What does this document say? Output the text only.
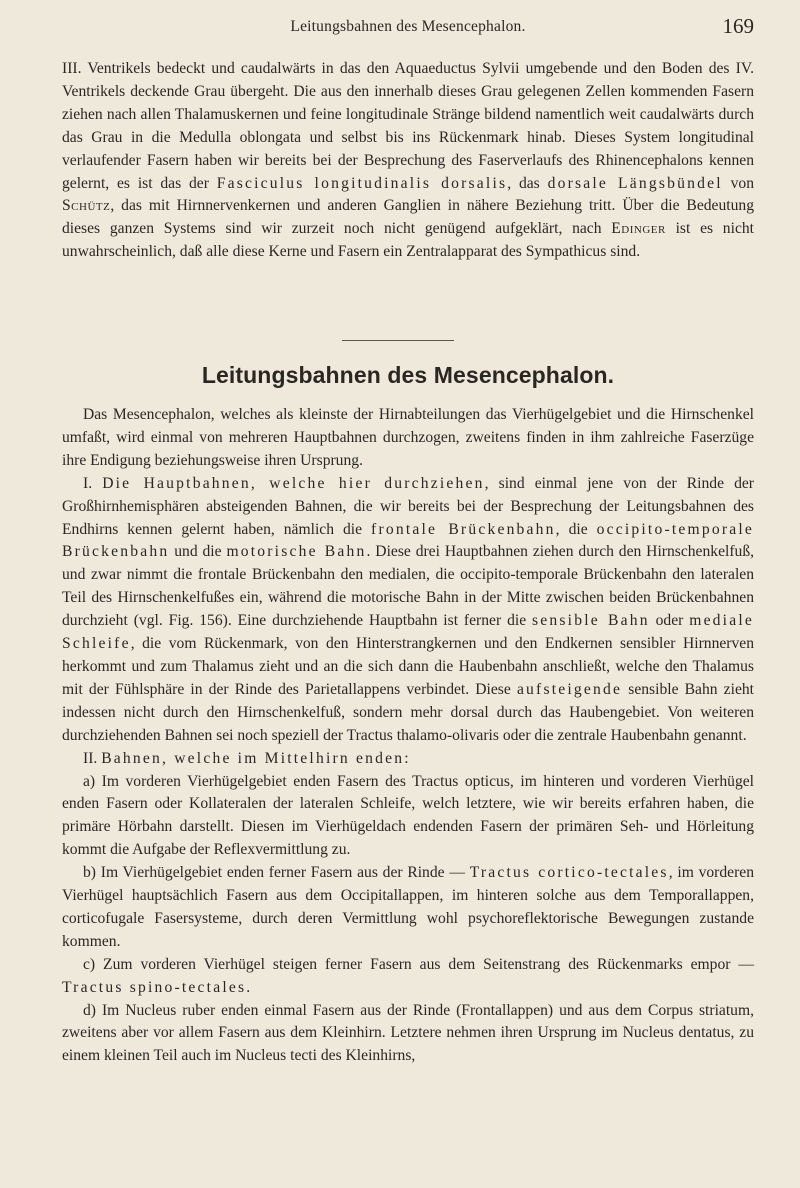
Leitungsbahnen des Mesencephalon.	169

III. Ventrikels bedeckt und caudalwärts in das den Aquaeductus Sylvii umgebende und den Boden des IV. Ventrikels deckende Grau übergeht. Die aus den innerhalb dieses Grau gelegenen Zellen kommenden Fasern ziehen nach allen Thalamuskernen und feine longitudinale Stränge bildend namentlich weit caudalwärts durch das Grau in die Medulla oblongata und selbst bis ins Rückenmark hinab. Dieses System longitudinal verlaufender Fasern haben wir bereits bei der Besprechung des Faserverlaufs des Rhinencephalons kennen gelernt, es ist das der Fasciculus longitudinalis dorsalis, das dorsale Längsbündel von Schütz, das mit Hirnnervenkernen und anderen Ganglien in nähere Beziehung tritt. Über die Bedeutung dieses ganzen Systems sind wir zurzeit noch nicht genügend aufgeklärt, nach Edinger ist es nicht unwahrscheinlich, daß alle diese Kerne und Fasern ein Zentralapparat des Sympathicus sind.

Leitungsbahnen des Mesencephalon.

Das Mesencephalon, welches als kleinste der Hirnabteilungen das Vierhügelgebiet und die Hirnschenkel umfaßt, wird einmal von mehreren Hauptbahnen durchzogen, zweitens finden in ihm zahlreiche Faserzüge ihre Endigung beziehungsweise ihren Ursprung.

I. Die Hauptbahnen, welche hier durchziehen, sind einmal jene von der Rinde der Großhirnhemisphären absteigenden Bahnen, die wir bereits bei der Besprechung der Leitungsbahnen des Endhirns kennen gelernt haben, nämlich die frontale Brückenbahn, die occipito-temporale Brückenbahn und die motorische Bahn. Diese drei Hauptbahnen ziehen durch den Hirnschenkelfuß, und zwar nimmt die frontale Brückenbahn den medialen, die occipito-temporale Brückenbahn den lateralen Teil des Hirnschenkelfußes ein, während die motorische Bahn in der Mitte zwischen beiden Brückenbahnen durchzieht (vgl. Fig. 156). Eine durchziehende Hauptbahn ist ferner die sensible Bahn oder mediale Schleife, die vom Rückenmark, von den Hinterstrangkernen und den Endkernen sensibler Hirnnerven herkommt und zum Thalamus zieht und an die sich dann die Haubenbahn anschließt, welche den Thalamus mit der Fühlsphäre in der Rinde des Parietallappens verbindet. Diese aufsteigende sensible Bahn zieht indessen nicht durch den Hirnschenkelfuß, sondern mehr dorsal durch das Haubengebiet. Von weiteren durchziehenden Bahnen sei noch speziell der Tractus thalamo-olivaris oder die zentrale Haubenbahn genannt.

II. Bahnen, welche im Mittelhirn enden:

a) Im vorderen Vierhügelgebiet enden Fasern des Tractus opticus, im hinteren und vorderen Vierhügel enden Fasern oder Kollateralen der lateralen Schleife, welch letztere, wie wir bereits erfahren haben, die primäre Hörbahn darstellt. Diesen im Vierhügeldach endenden Fasern der primären Seh- und Hörleitung kommt die Aufgabe der Reflexvermittlung zu.

b) Im Vierhügelgebiet enden ferner Fasern aus der Rinde — Tractus cortico-tectales, im vorderen Vierhügel hauptsächlich Fasern aus dem Occipitallappen, im hinteren solche aus dem Temporallappen, corticofugale Fasersysteme, durch deren Vermittlung wohl psychoreflektorische Bewegungen zustande kommen.

c) Zum vorderen Vierhügel steigen ferner Fasern aus dem Seitenstrang des Rückenmarks empor — Tractus spino-tectales.

d) Im Nucleus ruber enden einmal Fasern aus der Rinde (Frontallappen) und aus dem Corpus striatum, zweitens aber vor allem Fasern aus dem Kleinhirn. Letztere nehmen ihren Ursprung im Nucleus dentatus, zu einem kleinen Teil auch im Nucleus tecti des Kleinhirns,
